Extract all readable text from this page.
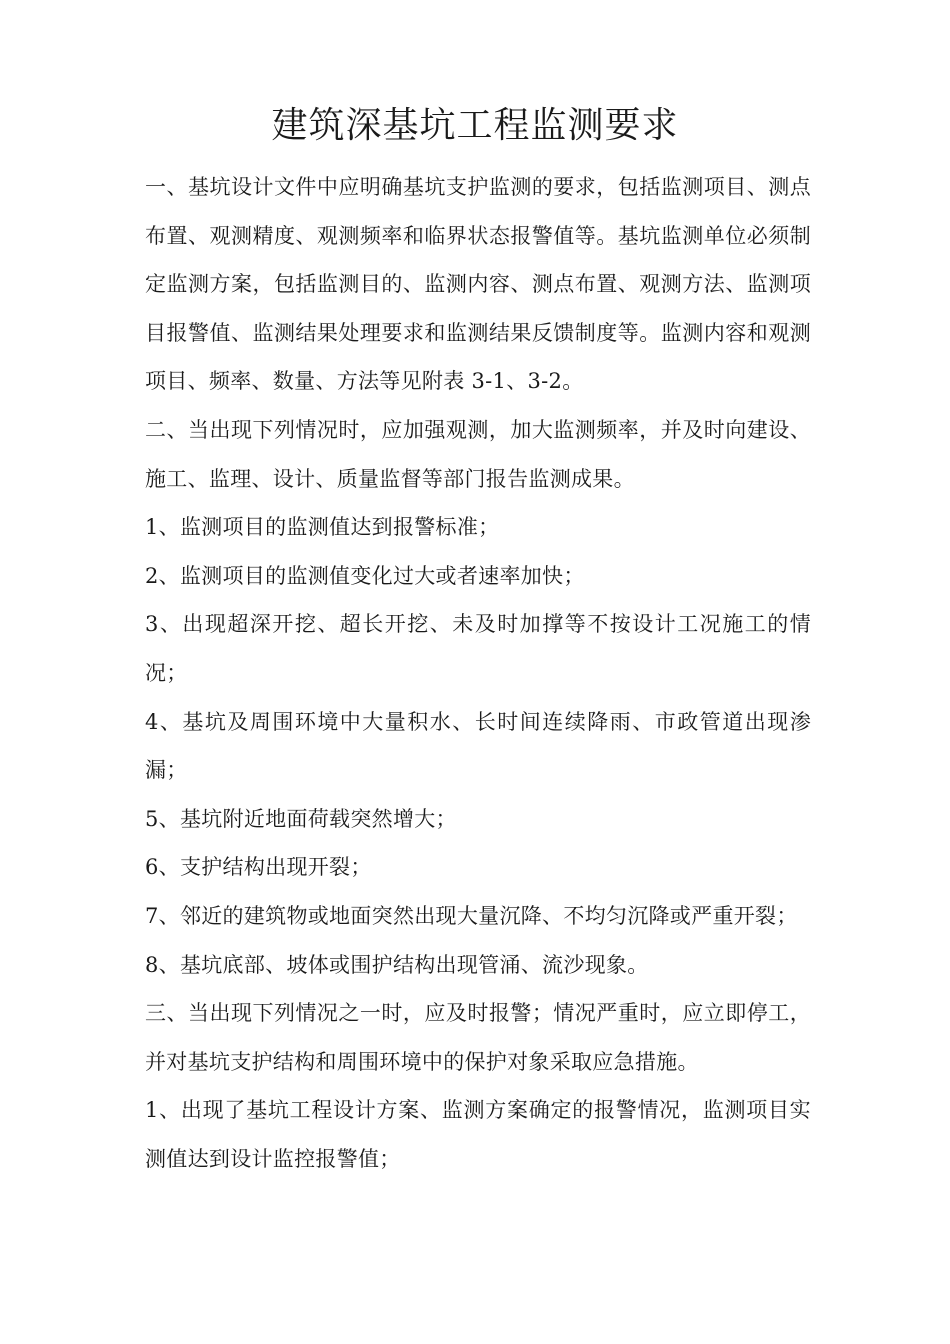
建筑深基坑工程监测要求

一、基坑设计文件中应明确基坑支护监测的要求，包括监测项目、测点布置、观测精度、观测频率和临界状态报警值等。基坑监测单位必须制定监测方案，包括监测目的、监测内容、测点布置、观测方法、监测项目报警值、监测结果处理要求和监测结果反馈制度等。监测内容和观测项目、频率、数量、方法等见附表 3-1、3-2。

二、当出现下列情况时，应加强观测，加大监测频率，并及时向建设、施工、监理、设计、质量监督等部门报告监测成果。

1、监测项目的监测值达到报警标准；

2、监测项目的监测值变化过大或者速率加快；

3、出现超深开挖、超长开挖、未及时加撑等不按设计工况施工的情况；

4、基坑及周围环境中大量积水、长时间连续降雨、市政管道出现渗漏；

5、基坑附近地面荷载突然增大；

6、支护结构出现开裂；

7、邻近的建筑物或地面突然出现大量沉降、不均匀沉降或严重开裂；

8、基坑底部、坡体或围护结构出现管涌、流沙现象。

三、当出现下列情况之一时，应及时报警；情况严重时，应立即停工，并对基坑支护结构和周围环境中的保护对象采取应急措施。

1、出现了基坑工程设计方案、监测方案确定的报警情况，监测项目实测值达到设计监控报警值；
